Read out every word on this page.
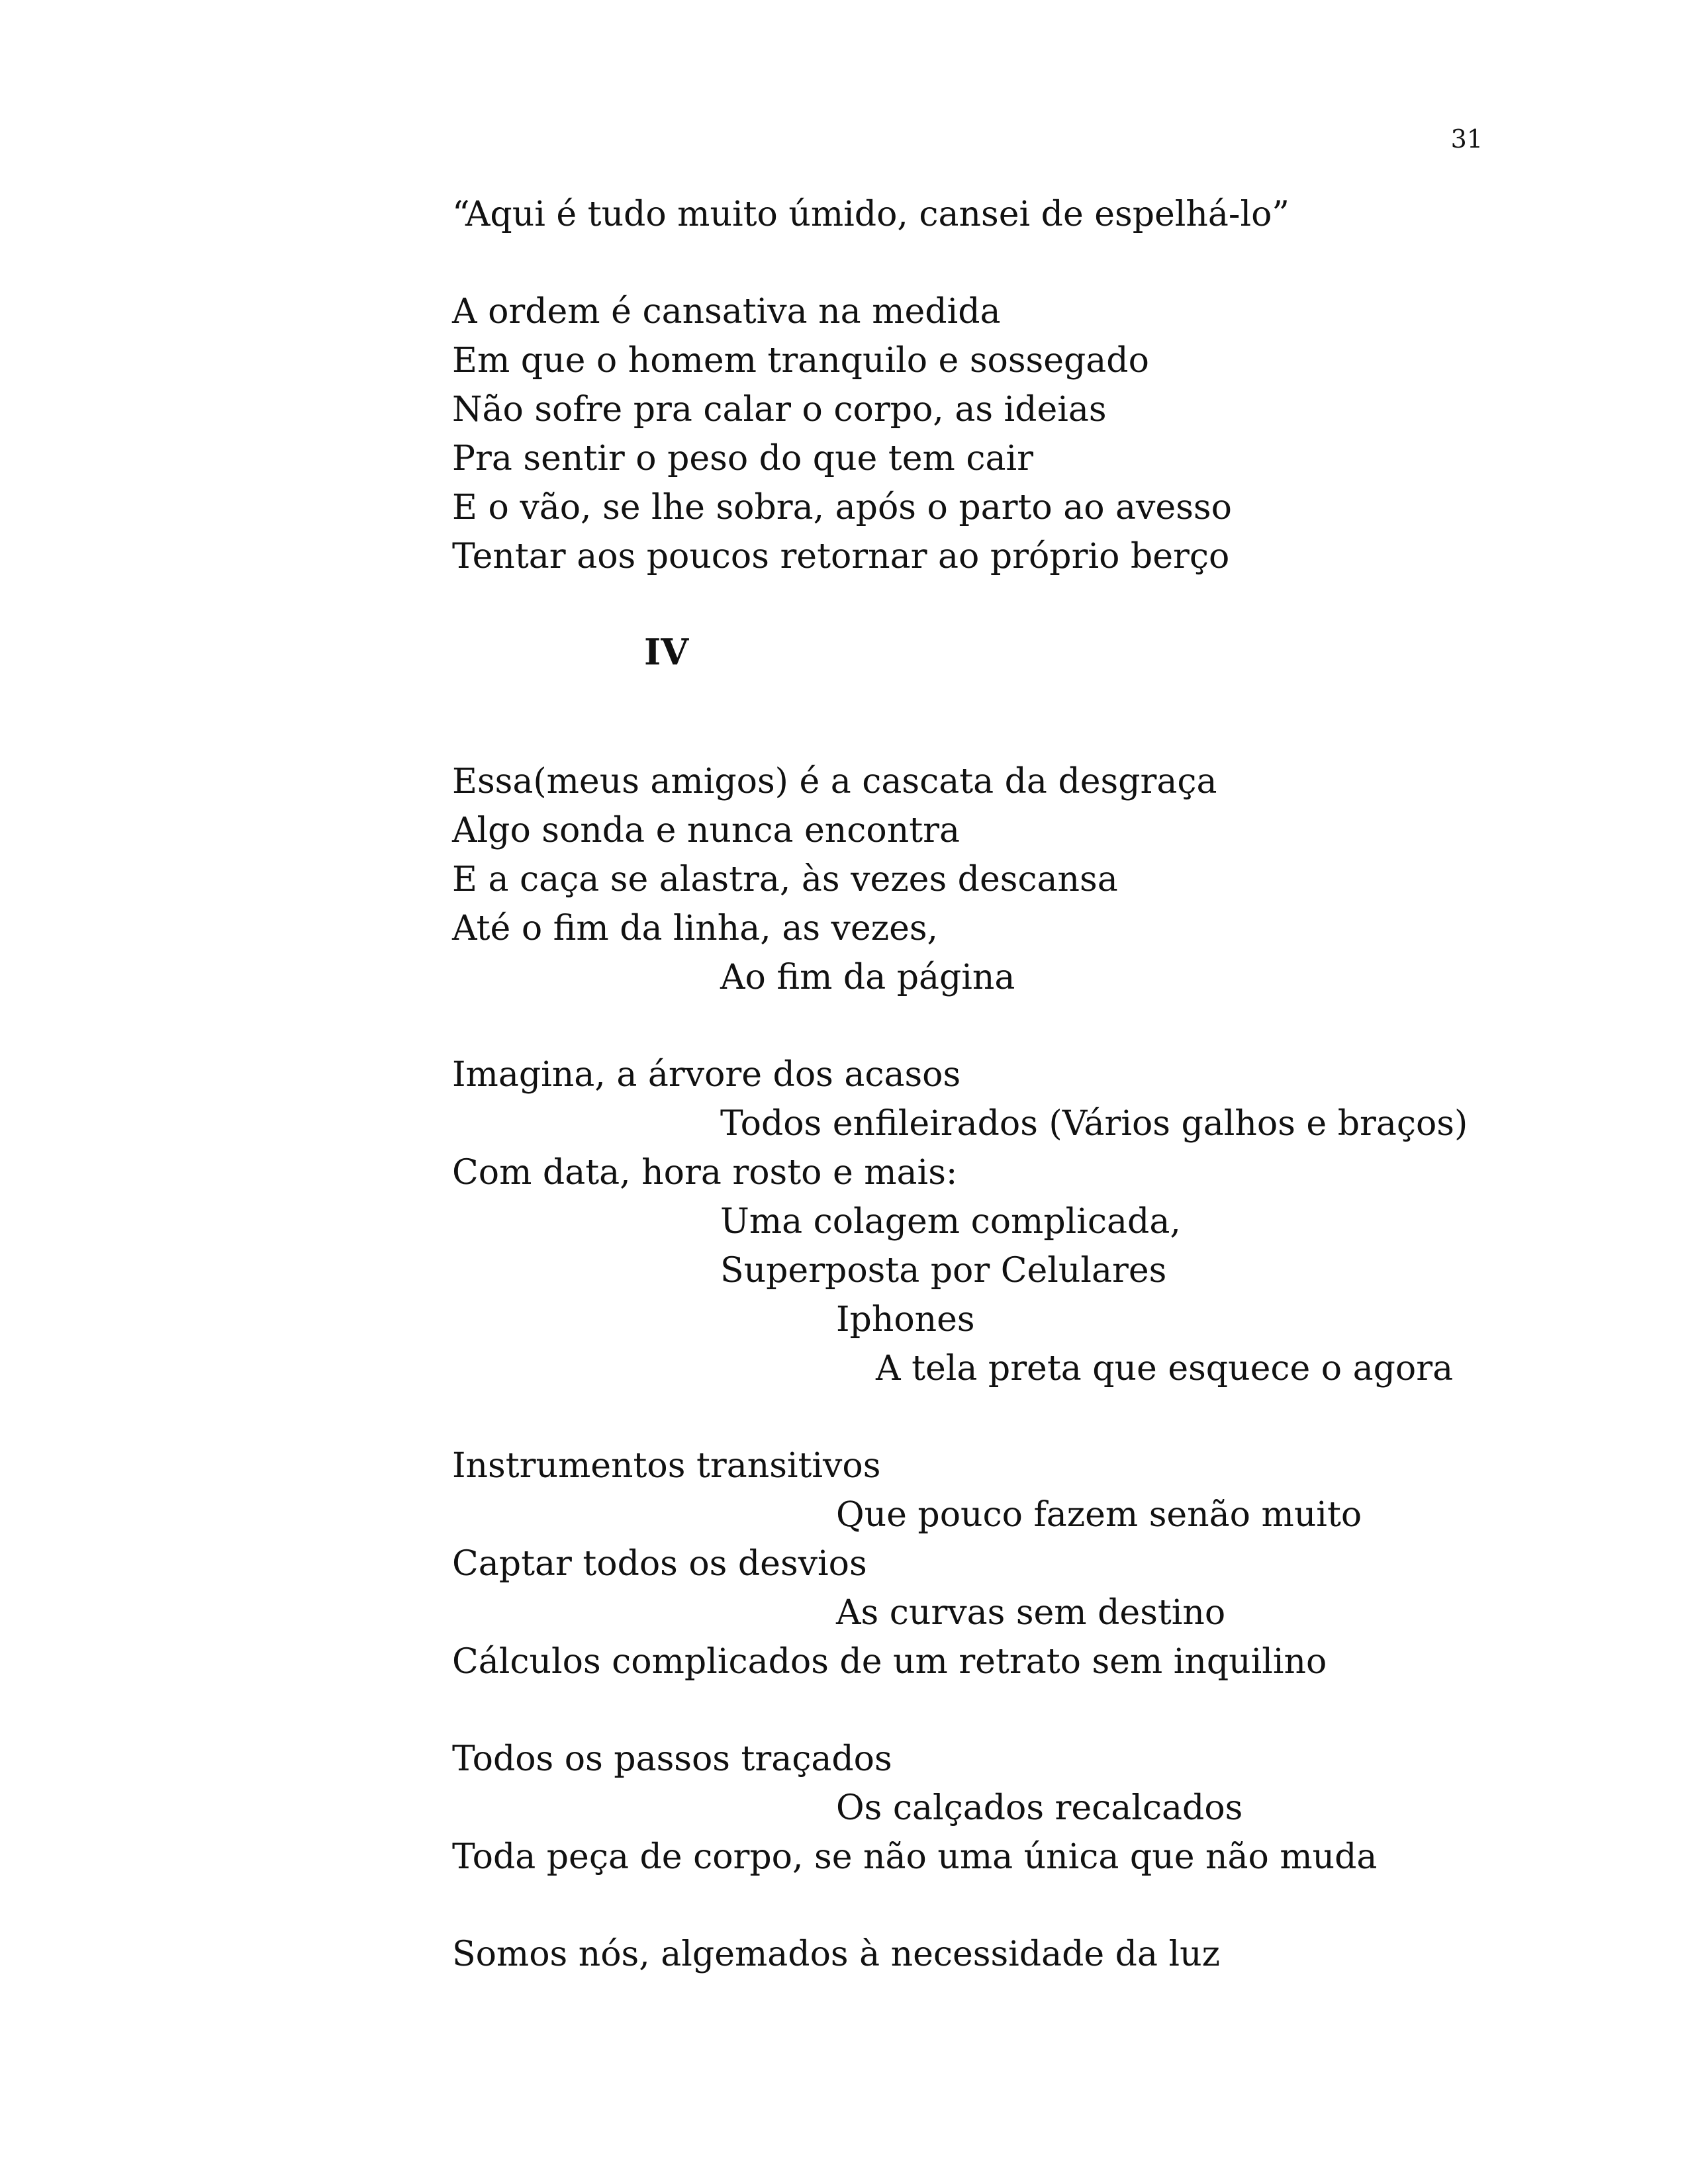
31
“Aqui é tudo muito úmido, cansei de espelhá-lo”
A ordem é cansativa na medida
Em que o homem tranquilo e sossegado
Não sofre pra calar o corpo, as ideias
Pra sentir o peso do que tem cair
E o vão, se lhe sobra, após o parto ao avesso
Tentar aos poucos retornar ao próprio berço
IV
Essa(meus amigos) é a cascata da desgraça
Algo sonda e nunca encontra
E a caça se alastra, às vezes descansa
Até o fim da linha, as vezes,
Ao fim da página
Imagina, a árvore dos acasos
Todos enfileirados (Vários galhos e braços)
Com data, hora rosto e mais:
Uma colagem complicada,
Superposta por Celulares
Iphones
A tela preta que esquece o agora
Instrumentos transitivos
Que pouco fazem senão muito
Captar todos os desvios
As curvas sem destino
Cálculos complicados de um retrato sem inquilino
Todos os passos traçados
Os calçados recalcados
Toda peça de corpo, se não uma única que não muda
Somos nós, algemados à necessidade da luz
